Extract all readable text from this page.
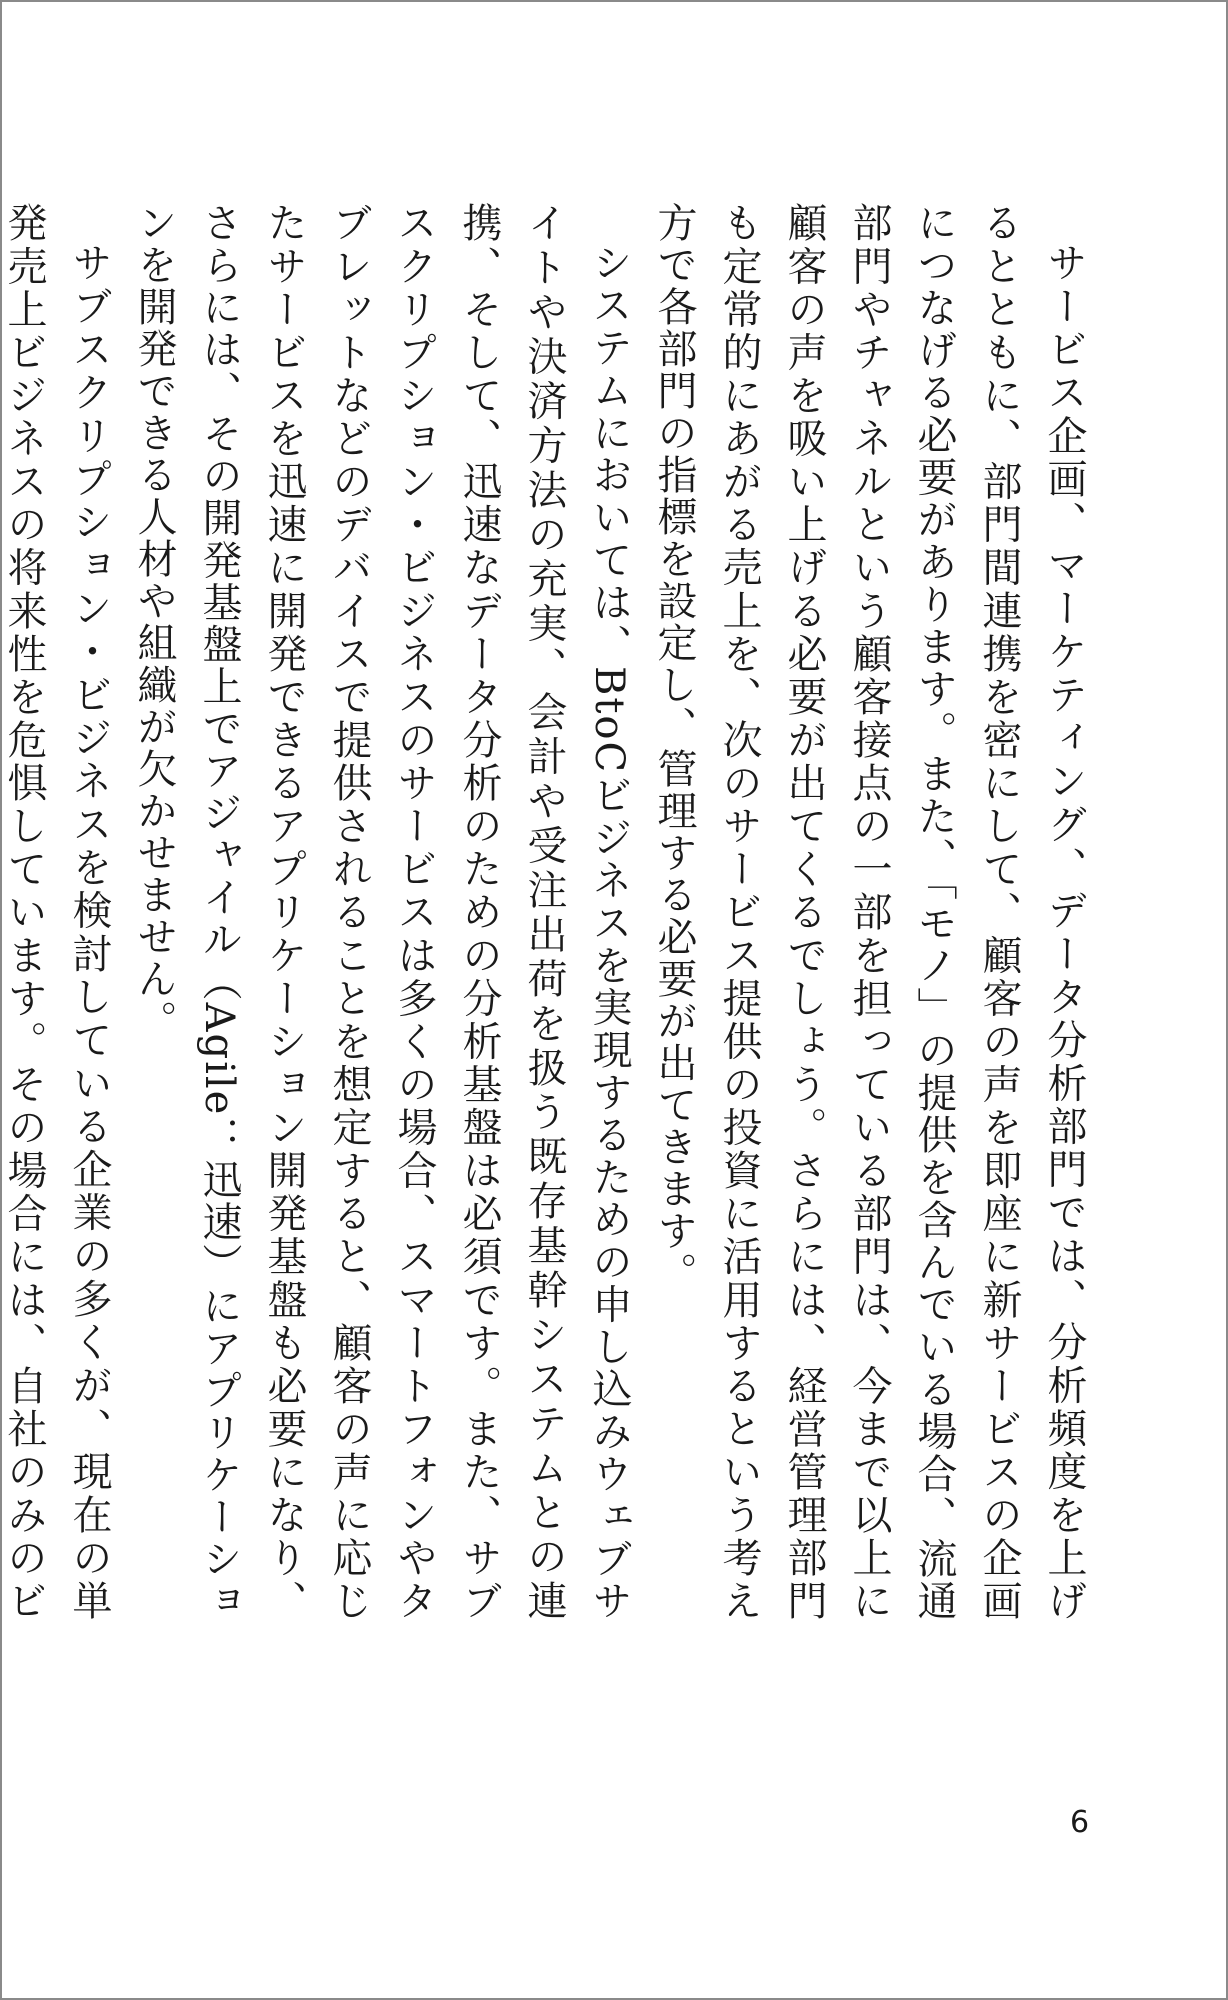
サービス企画、マーケティング、データ分析部門では、分析頻度を上げるとともに、部門間連携を密にして、顧客の声を即座に新サービスの企画につなげる必要があります。また、「モノ」の提供を含んでいる場合、流通部門やチャネルという顧客接点の一部を担っている部門は、今まで以上に顧客の声を吸い上げる必要が出てくるでしょう。さらには、経営管理部門も定常的にあがる売上を、次のサービス提供の投資に活用するという考え方で各部門の指標を設定し、管理する必要が出てきます。

システムにおいては、BtoCビジネスを実現するための申し込みウェブサイトや決済方法の充実、会計や受注出荷を扱う既存基幹システムとの連携、そして、迅速なデータ分析のための分析基盤は必須です。また、サブスクリプション・ビジネスのサービスは多くの場合、スマートフォンやタブレットなどのデバイスで提供されることを想定すると、顧客の声に応じたサービスを迅速に開発できるアプリケーション開発基盤も必要になり、さらには、その開発基盤上でアジャイル（Agile：迅速）にアプリケーションを開発できる人材や組織が欠かせません。

サブスクリプション・ビジネスを検討している企業の多くが、現在の単発売上ビジネスの将来性を危惧しています。その場合には、自社のみのビ

6
